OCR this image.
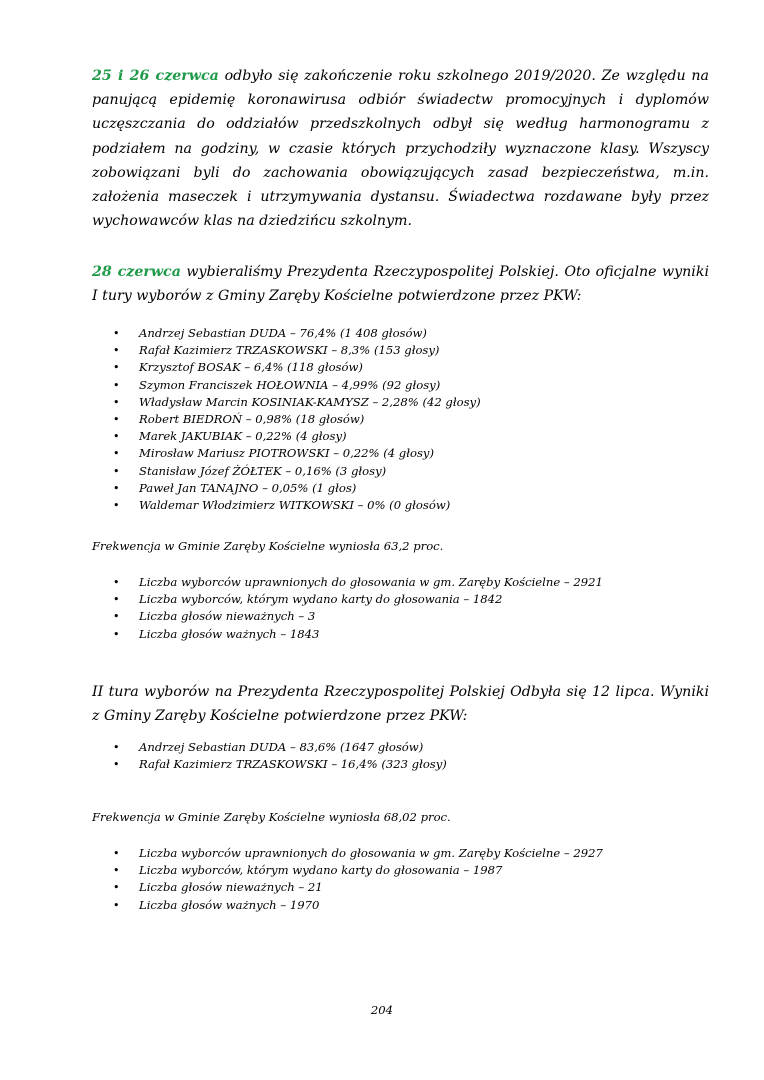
25 i 26 czerwca odbyło się zakończenie roku szkolnego 2019/2020. Ze względu na panującą epidemię koronawirusa odbiór świadectw promocyjnych i dyplomów uczęszczania do oddziałów przedszkolnych odbył się według harmonogramu z podziałem na godziny, w czasie których przychodziły wyznaczone klasy. Wszyscy zobowiązani byli do zachowania obowiązujących zasad bezpieczeństwa, m.in. założenia maseczek i utrzymywania dystansu. Świadectwa rozdawane były przez wychowawców klas na dziedzińcu szkolnym.

28 czerwca wybieraliśmy Prezydenta Rzeczypospolitej Polskiej. Oto oficjalne wyniki I tury wyborów z Gminy Zaręby Kościelne potwierdzone przez PKW:

• Andrzej Sebastian DUDA – 76,4% (1 408 głosów)
• Rafał Kazimierz TRZASKOWSKI – 8,3% (153 głosy)
• Krzysztof BOSAK – 6,4% (118 głosów)
• Szymon Franciszek HOŁOWNIA – 4,99% (92 głosy)
• Władysław Marcin KOSINIAK-KAMYSZ – 2,28% (42 głosy)
• Robert BIEDROŃ – 0,98% (18 głosów)
• Marek JAKUBIAK – 0,22% (4 głosy)
• Mirosław Mariusz PIOTROWSKI – 0,22% (4 głosy)
• Stanisław Józef ŻÓŁTEK – 0,16% (3 głosy)
• Paweł Jan TANAJNO – 0,05% (1 głos)
• Waldemar Włodzimierz WITKOWSKI – 0% (0 głosów)

Frekwencja w Gminie Zaręby Kościelne wyniosła 63,2 proc.

• Liczba wyborców uprawnionych do głosowania w gm. Zaręby Kościelne – 2921
• Liczba wyborców, którym wydano karty do głosowania – 1842
• Liczba głosów nieważnych – 3
• Liczba głosów ważnych – 1843

II tura wyborów na Prezydenta Rzeczypospolitej Polskiej Odbyła się 12 lipca. Wyniki z Gminy Zaręby Kościelne potwierdzone przez PKW:

• Andrzej Sebastian DUDA – 83,6% (1647 głosów)
• Rafał Kazimierz TRZASKOWSKI – 16,4% (323 głosy)

Frekwencja w Gminie Zaręby Kościelne wyniosła 68,02 proc.

• Liczba wyborców uprawnionych do głosowania w gm. Zaręby Kościelne – 2927
• Liczba wyborców, którym wydano karty do głosowania – 1987
• Liczba głosów nieważnych – 21
• Liczba głosów ważnych – 1970
204
